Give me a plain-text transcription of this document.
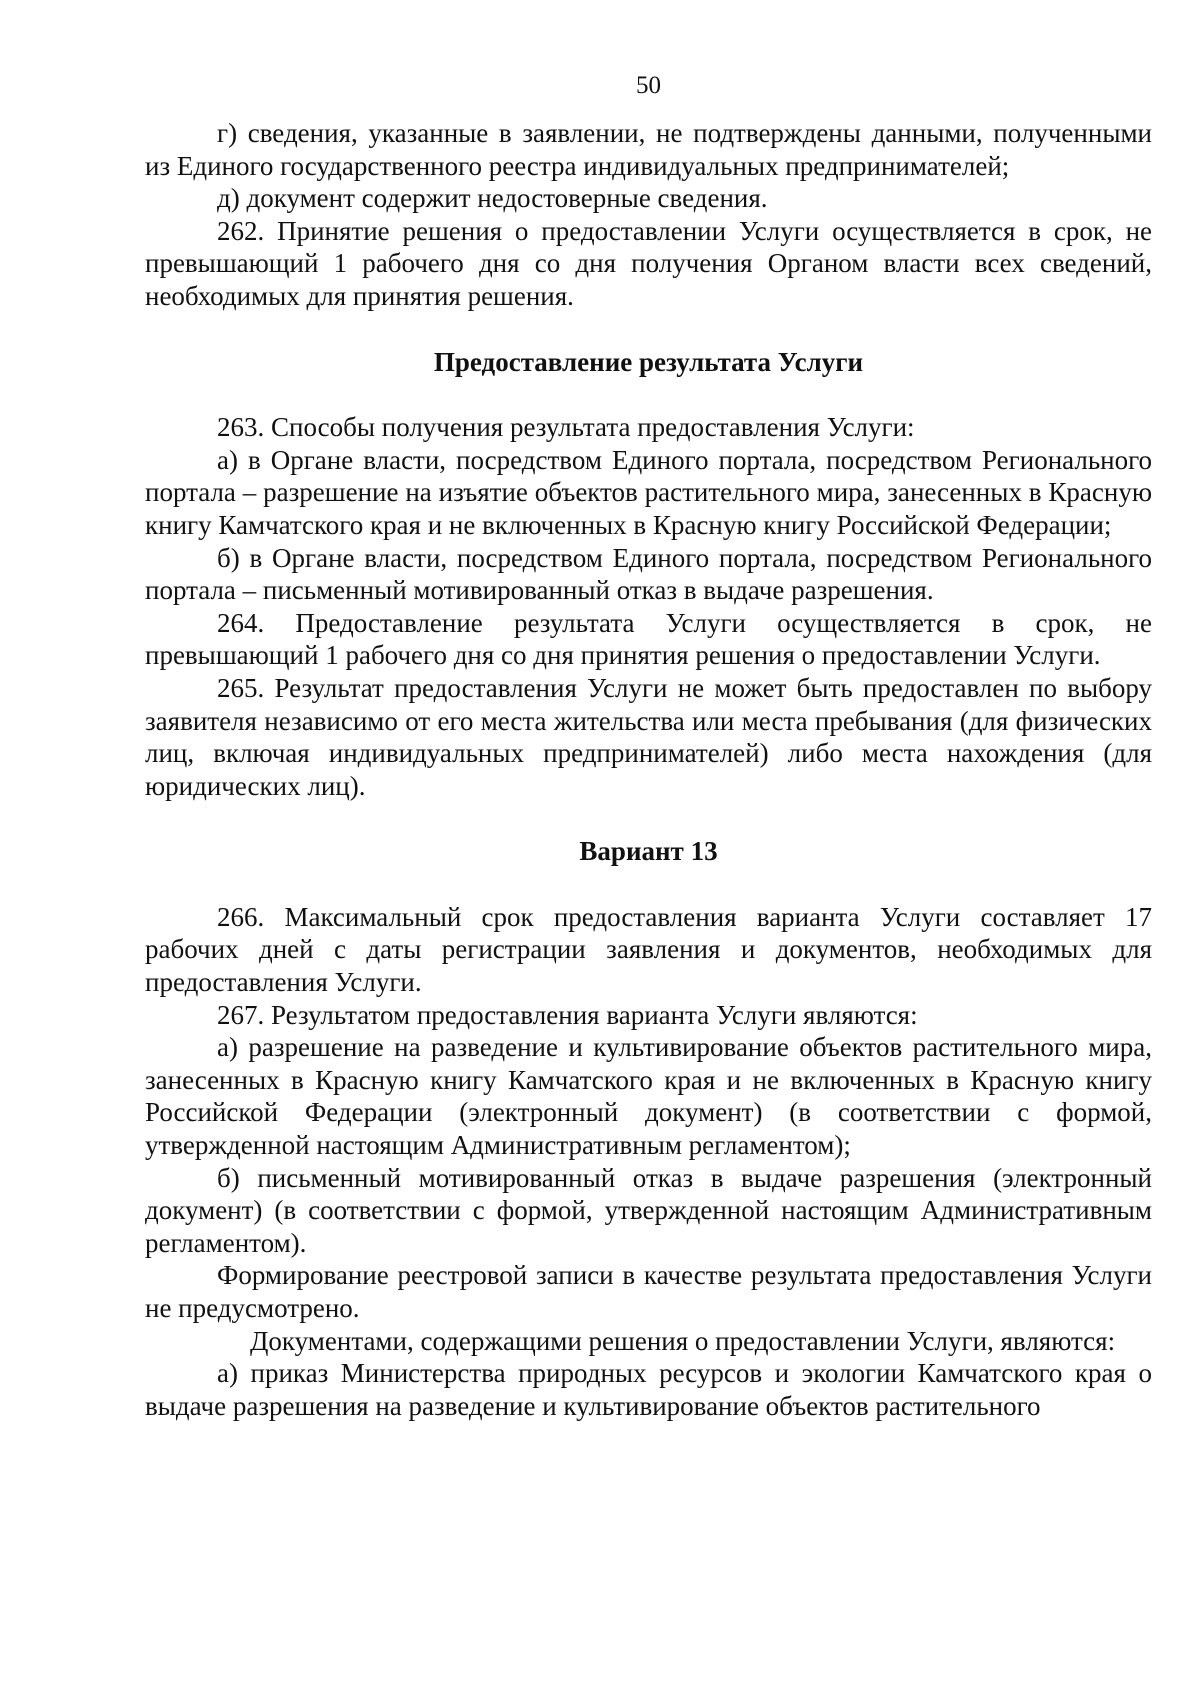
50

г) сведения, указанные в заявлении, не подтверждены данными, полученными из Единого государственного реестра индивидуальных предпринимателей;

д) документ содержит недостоверные сведения.

262. Принятие решения о предоставлении Услуги осуществляется в срок, не превышающий 1 рабочего дня со дня получения Органом власти всех сведений, необходимых для принятия решения.

Предоставление результата Услуги

263. Способы получения результата предоставления Услуги:

а) в Органе власти, посредством Единого портала, посредством Регионального портала – разрешение на изъятие объектов растительного мира, занесенных в Красную книгу Камчатского края и не включенных в Красную книгу Российской Федерации;

б) в Органе власти, посредством Единого портала, посредством Регионального портала – письменный мотивированный отказ в выдаче разрешения.

264. Предоставление результата Услуги осуществляется в срок, не превышающий 1 рабочего дня со дня принятия решения о предоставлении Услуги.

265. Результат предоставления Услуги не может быть предоставлен по выбору заявителя независимо от его места жительства или места пребывания (для физических лиц, включая индивидуальных предпринимателей) либо места нахождения (для юридических лиц).

Вариант 13

266. Максимальный срок предоставления варианта Услуги составляет 17 рабочих дней с даты регистрации заявления и документов, необходимых для предоставления Услуги.

267. Результатом предоставления варианта Услуги являются:

а) разрешение на разведение и культивирование объектов растительного мира, занесенных в Красную книгу Камчатского края и не включенных в Красную книгу Российской Федерации (электронный документ) (в соответствии с формой, утвержденной настоящим Административным регламентом);

б) письменный мотивированный отказ в выдаче разрешения (электронный документ) (в соответствии с формой, утвержденной настоящим Административным регламентом).

Формирование реестровой записи в качестве результата предоставления Услуги не предусмотрено.

Документами, содержащими решения о предоставлении Услуги, являются:

а) приказ Министерства природных ресурсов и экологии Камчатского края о выдаче разрешения на разведение и культивирование объектов растительного
